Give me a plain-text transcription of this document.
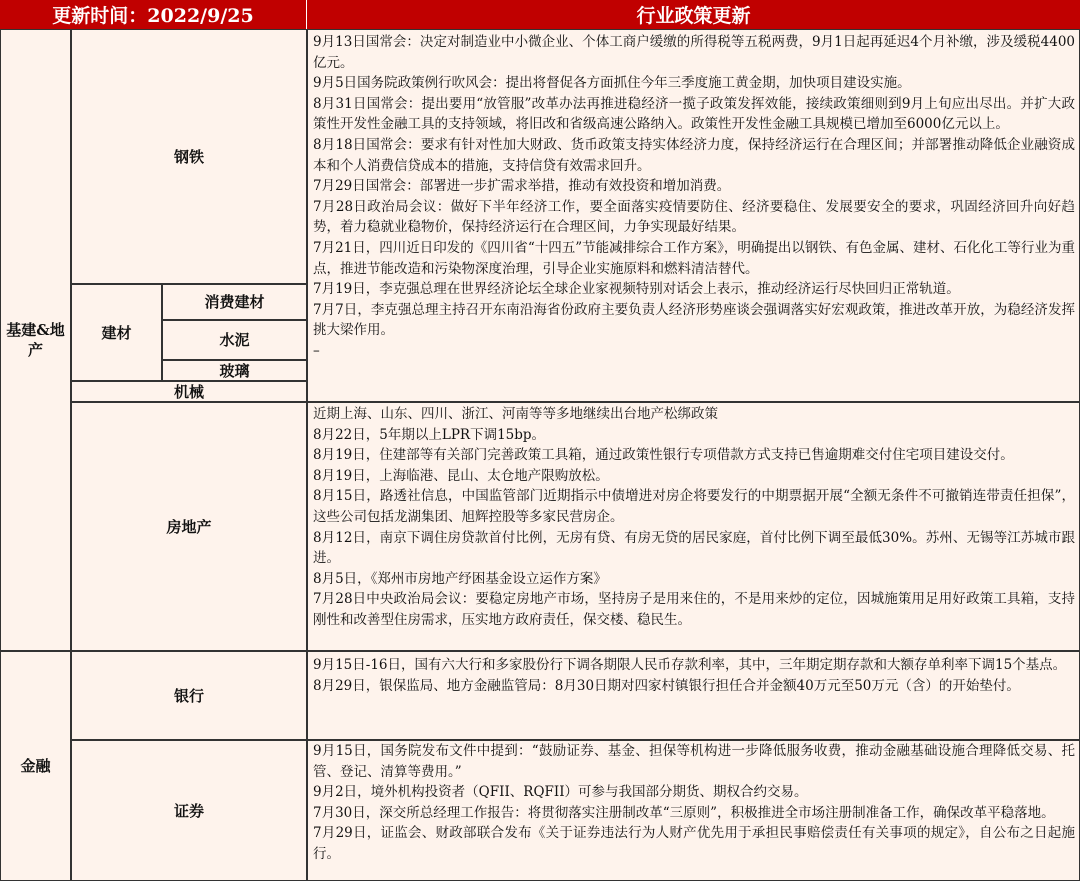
更新时间：2022/9/25	行业政策更新
基建&地产
金融
钢铁
建材
消费建材
水泥
玻璃
机械
房地产
银行
证券

9月13日国常会：决定对制造业中小微企业、个体工商户缓缴的所得税等五税两费，9月1日起再延迟4个月补缴，涉及缓税4400亿元。

9月5日国务院政策例行吹风会：提出将督促各方面抓住今年三季度施工黄金期，加快项目建设实施。

8月31日国常会：提出要用“放管服”改革办法再推进稳经济一揽子政策发挥效能，接续政策细则到9月上旬应出尽出。并扩大政策性开发性金融工具的支持领域，将旧改和省级高速公路纳入。政策性开发性金融工具规模已增加至6000亿元以上。

8月18日国常会：要求有针对性加大财政、货币政策支持实体经济力度，保持经济运行在合理区间；并部署推动降低企业融资成本和个人消费信贷成本的措施，支持信贷有效需求回升。

7月29日国常会：部署进一步扩需求举措，推动有效投资和增加消费。

7月28日政治局会议：做好下半年经济工作，要全面落实疫情要防住、经济要稳住、发展要安全的要求，巩固经济回升向好趋势，着力稳就业稳物价，保持经济运行在合理区间，力争实现最好结果。

7月21日，四川近日印发的《四川省“十四五”节能减排综合工作方案》，明确提出以钢铁、有色金属、建材、石化化工等行业为重点，推进节能改造和污染物深度治理，引导企业实施原料和燃料清洁替代。

7月19日，李克强总理在世界经济论坛全球企业家视频特别对话会上表示，推动经济运行尽快回归正常轨道。

7月7日，李克强总理主持召开东南沿海省份政府主要负责人经济形势座谈会强调落实好宏观政策，推进改革开放，为稳经济发挥挑大梁作用。

–

近期上海、山东、四川、浙江、河南等等多地继续出台地产松绑政策

8月22日，5年期以上LPR下调15bp。

8月19日，住建部等有关部门完善政策工具箱，通过政策性银行专项借款方式支持已售逾期难交付住宅项目建设交付。

8月19日，上海临港、昆山、太仓地产限购放松。

8月15日，路透社信息，中国监管部门近期指示中债增进对房企将要发行的中期票据开展“全额无条件不可撤销连带责任担保”，这些公司包括龙湖集团、旭辉控股等多家民营房企。

8月12日，南京下调住房贷款首付比例，无房有贷、有房无贷的居民家庭，首付比例下调至最低30%。苏州、无锡等江苏城市跟进。

8月5日，《郑州市房地产纾困基金设立运作方案》

7月28日中央政治局会议：要稳定房地产市场，坚持房子是用来住的，不是用来炒的定位，因城施策用足用好政策工具箱，支持刚性和改善型住房需求，压实地方政府责任，保交楼、稳民生。

9月15日-16日，国有六大行和多家股份行下调各期限人民币存款利率，其中，三年期定期存款和大额存单利率下调15个基点。

8月29日，银保监局、地方金融监管局：8月30日期对四家村镇银行担任合并金额40万元至50万元（含）的开始垫付。

9月15日，国务院发布文件中提到：“鼓励证券、基金、担保等机构进一步降低服务收费，推动金融基础设施合理降低交易、托管、登记、清算等费用。”

9月2日，境外机构投资者（QFII、RQFII）可参与我国部分期货、期权合约交易。

7月30日，深交所总经理工作报告：将贯彻落实注册制改革“三原则”，积极推进全市场注册制准备工作，确保改革平稳落地。

7月29日，证监会、财政部联合发布《关于证券违法行为人财产优先用于承担民事赔偿责任有关事项的规定》，自公布之日起施行。
